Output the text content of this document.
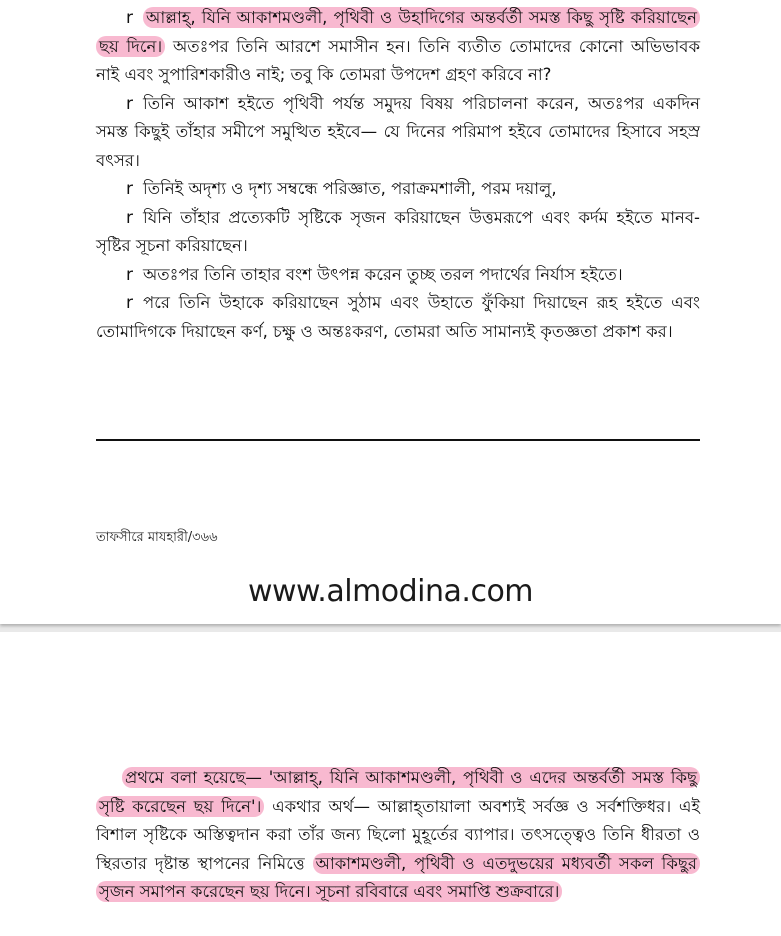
r আল্লাহ্‌, যিনি আকাশমণ্ডলী, পৃথিবী ও উহাদিগের অন্তর্বর্তী সমস্ত কিছু সৃষ্টি করিয়াছেন ছয় দিনে। অতঃপর তিনি আরশে সমাসীন হন। তিনি ব্যতীত তোমাদের কোনো অভিভাবক নাই এবং সুপারিশকারীও নাই; তবু কি তোমরা উপদেশ গ্রহণ করিবে না?

r তিনি আকাশ হইতে পৃথিবী পর্যন্ত সমুদয় বিষয় পরিচালনা করেন, অতঃপর একদিন সমস্ত কিছুই তাঁহার সমীপে সমুত্থিত হইবে— যে দিনের পরিমাপ হইবে তোমাদের হিসাবে সহস্র বৎসর।

r তিনিই অদৃশ্য ও দৃশ্য সম্বন্ধে পরিজ্ঞাত, পরাক্রমশালী, পরম দয়ালু,

r যিনি তাঁহার প্রত্যেকটি সৃষ্টিকে সৃজন করিয়াছেন উত্তমরূপে এবং কর্দম হইতে মানব-সৃষ্টির সূচনা করিয়াছেন।

r অতঃপর তিনি তাহার বংশ উৎপন্ন করেন তুচ্ছ তরল পদার্থের নির্যাস হইতে।

r পরে তিনি উহাকে করিয়াছেন সুঠাম এবং উহাতে ফুঁকিয়া দিয়াছেন রূহ হইতে এবং তোমাদিগকে দিয়াছেন কর্ণ, চক্ষু ও অন্তঃকরণ, তোমরা অতি সামান্যই কৃতজ্ঞতা প্রকাশ কর।

তাফসীরে মাযহারী/৩৬৬
www.almodina.com

প্রথমে বলা হয়েছে— 'আল্লাহ্‌, যিনি আকাশমণ্ডলী, পৃথিবী ও এদের অন্তর্বর্তী সমস্ত কিছু সৃষ্টি করেছেন ছয় দিনে'। একথার অর্থ— আল্লাহ্‌তায়ালা অবশ্যই সর্বজ্ঞ ও সর্বশক্তিধর। এই বিশাল সৃষ্টিকে অস্তিত্বদান করা তাঁর জন্য ছিলো মুহূর্তের ব্যাপার। তৎসত্ত্বেও তিনি ধীরতা ও স্থিরতার দৃষ্টান্ত স্থাপনের নিমিত্তে আকাশমণ্ডলী, পৃথিবী ও এতদুভয়ের মধ্যবর্তী সকল কিছুর সৃজন সমাপন করেছেন ছয় দিনে। সূচনা রবিবারে এবং সমাপ্তি শুক্রবারে।
